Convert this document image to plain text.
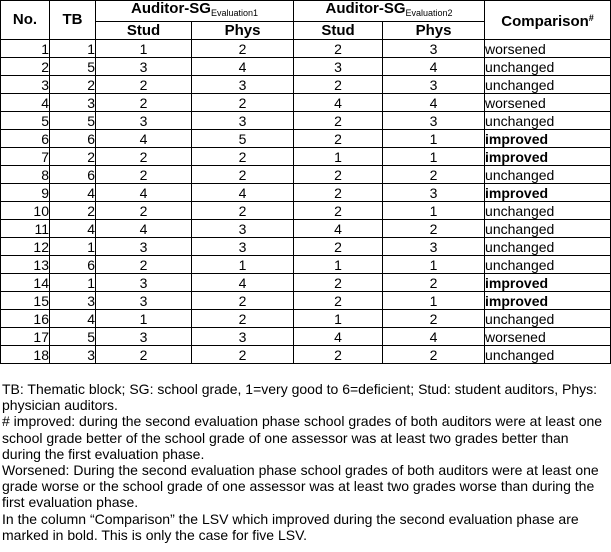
No.	TB	Auditor-$SG_{Evaluation1}$		Auditor-$SG_{Evaluation2}$		Comparison#
		Stud	Phys	Stud	Phys	
1	1	1	2	2	3	worsened
2	5	3	4	3	4	unchanged
3	2	2	3	2	3	unchanged
4	3	2	2	4	4	worsened
5	5	3	3	2	3	unchanged
6	6	4	5	2	1	improved
7	2	2	2	1	1	improved
8	6	2	2	2	2	unchanged
9	4	4	4	2	3	improved
10	2	2	2	2	1	unchanged
11	4	4	3	4	2	unchanged
12	1	3	3	2	3	unchanged
13	6	2	1	1	1	unchanged
14	1	3	4	2	2	improved
15	3	3	2	2	1	improved
16	4	1	2	1	2	unchanged
17	5	3	3	4	4	worsened
18	3	2	2	2	2	unchanged

TB: Thematic block; SG: school grade, 1=very good to 6=deficient; Stud: student auditors, Phys: physician auditors.

# improved: during the second evaluation phase school grades of both auditors were at least one school grade better of the school grade of one assessor was at least two grades better than during the first evaluation phase.

Worsened: During the second evaluation phase school grades of both auditors were at least one grade worse or the school grade of one assessor was at least two grades worse than during the first evaluation phase.

In the column “Comparison” the LSV which improved during the second evaluation phase are marked in bold. This is only the case for five LSV.
